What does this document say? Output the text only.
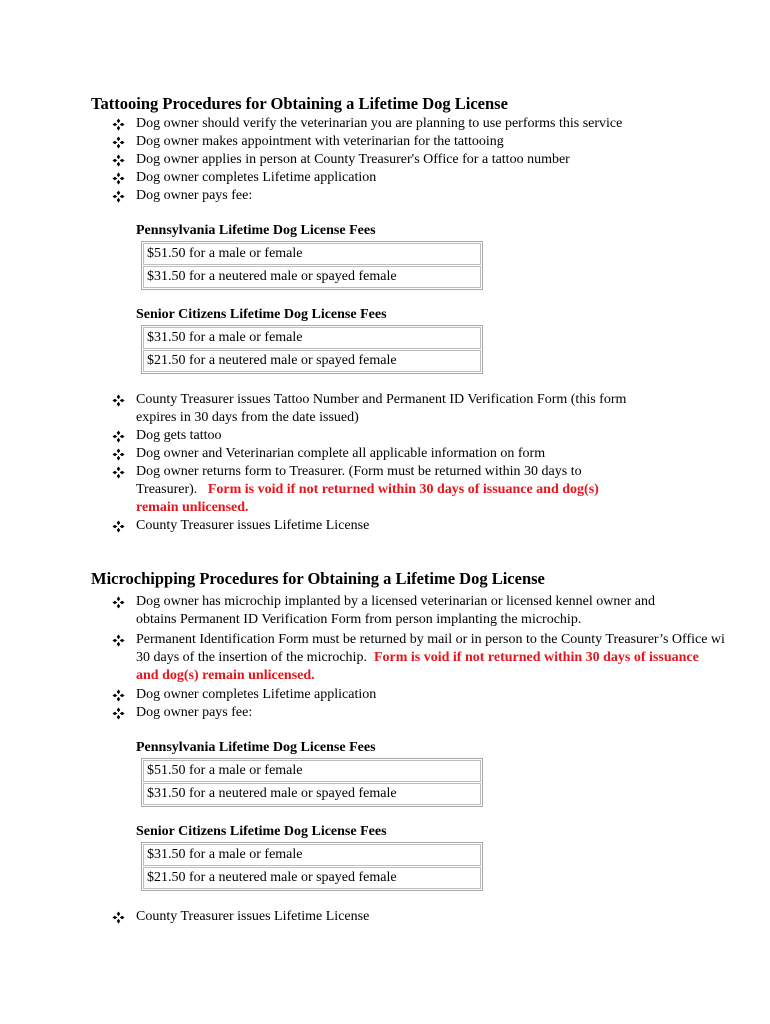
Tattooing Procedures for Obtaining a Lifetime Dog License
Dog owner should verify the veterinarian you are planning to use performs this service
Dog owner makes appointment with veterinarian for the tattooing
Dog owner applies in person at County Treasurer's Office for a tattoo number
Dog owner completes Lifetime application
Dog owner pays fee:
Pennsylvania Lifetime Dog License Fees
$51.50 for a male or female
$31.50 for a neutered male or spayed female
Senior Citizens Lifetime Dog License Fees
$31.50 for a male or female
$21.50 for a neutered male or spayed female
County Treasurer issues Tattoo Number and Permanent ID Verification Form (this form
expires in 30 days from the date issued)
Dog gets tattoo
Dog owner and Veterinarian complete all applicable information on form
Dog owner returns form to Treasurer. (Form must be returned within 30 days to
Treasurer). Form is void if not returned within 30 days of issuance and dog(s)
remain unlicensed.
County Treasurer issues Lifetime License
Microchipping Procedures for Obtaining a Lifetime Dog License
Dog owner has microchip implanted by a licensed veterinarian or licensed kennel owner and
obtains Permanent ID Verification Form from person implanting the microchip.
Permanent Identification Form must be returned by mail or in person to the County Treasurer’s Office wi
30 days of the insertion of the microchip. Form is void if not returned within 30 days of issuance
and dog(s) remain unlicensed.
Dog owner completes Lifetime application
Dog owner pays fee:
Pennsylvania Lifetime Dog License Fees
$51.50 for a male or female
$31.50 for a neutered male or spayed female
Senior Citizens Lifetime Dog License Fees
$31.50 for a male or female
$21.50 for a neutered male or spayed female
County Treasurer issues Lifetime License
